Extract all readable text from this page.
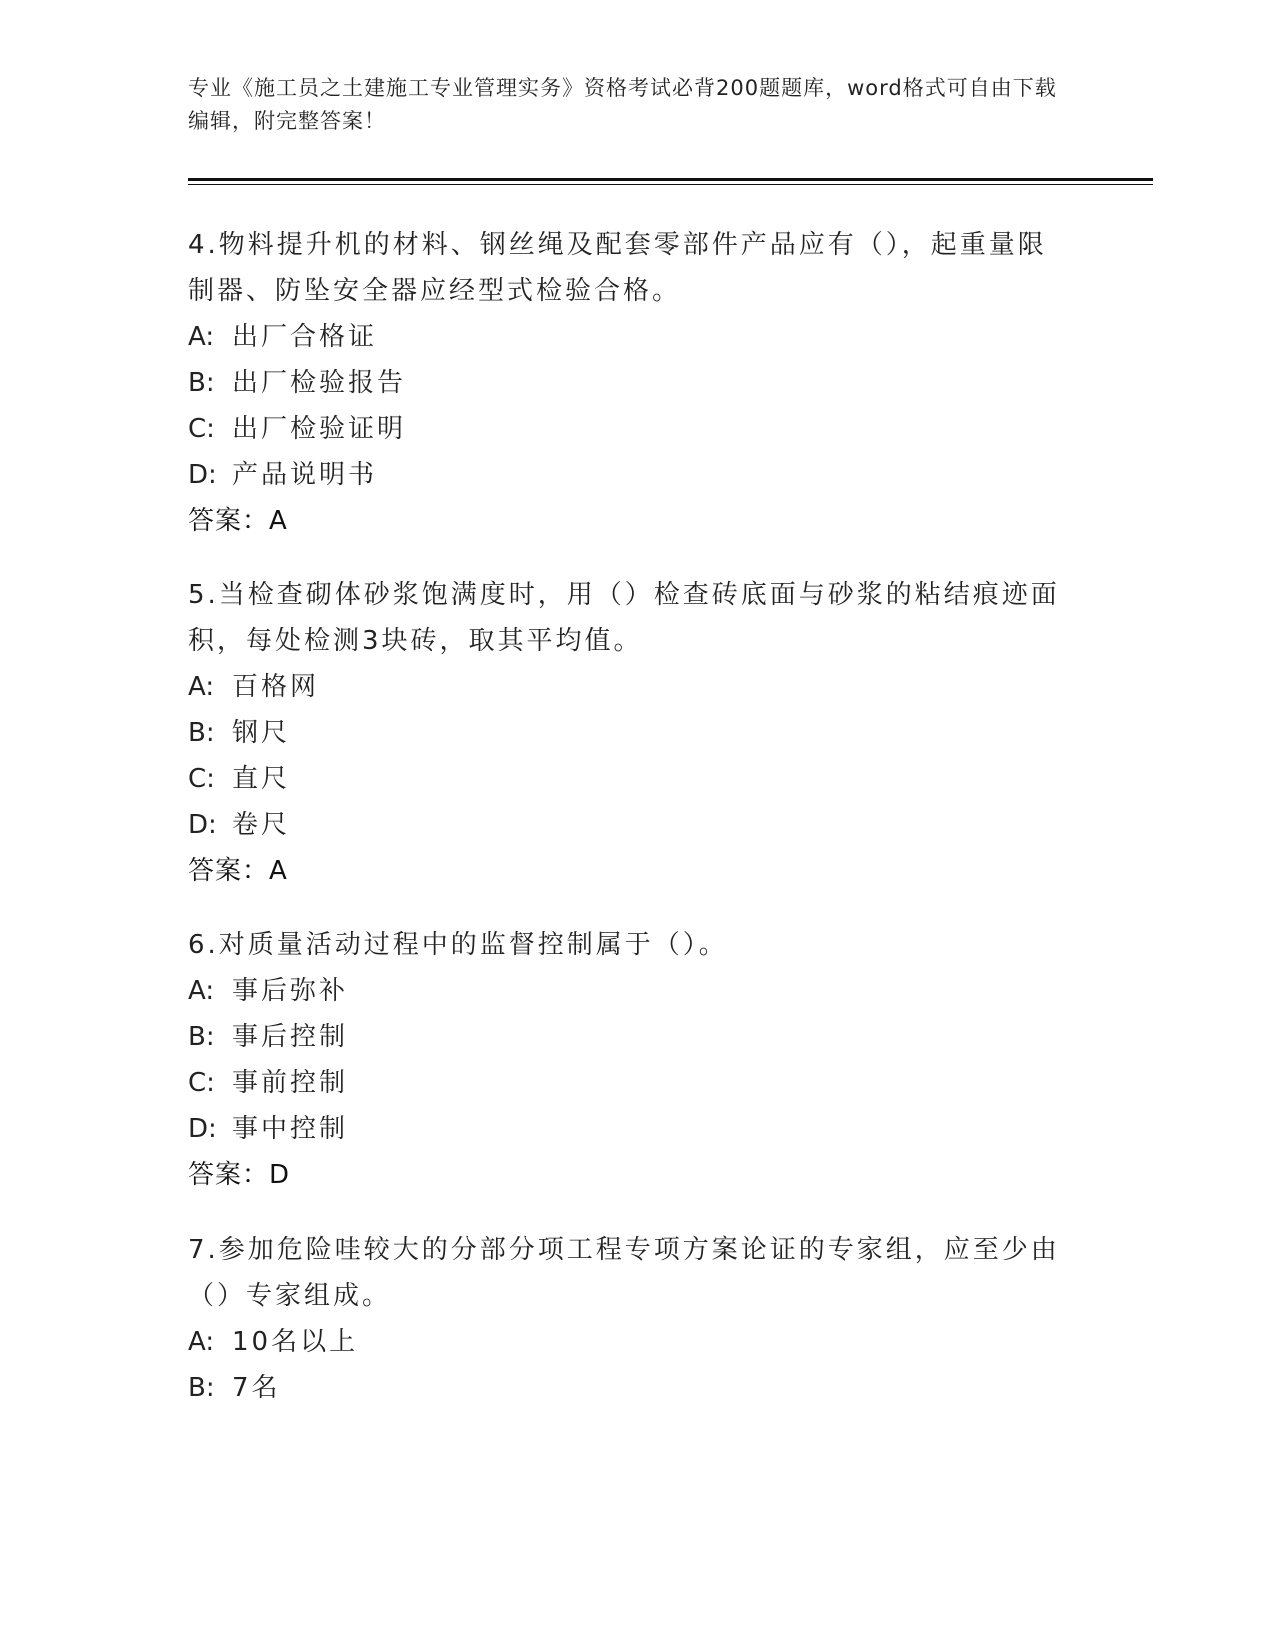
专业《施工员之土建施工专业管理实务》资格考试必背200题题库，word格式可自由下载编辑，附完整答案！

4.物料提升机的材料、钢丝绳及配套零部件产品应有（），起重量限制器、防坠安全器应经型式检验合格。

A: 出厂合格证
B: 出厂检验报告
C: 出厂检验证明
D: 产品说明书
答案：A

5.当检查砌体砂浆饱满度时，用（）检查砖底面与砂浆的粘结痕迹面积，每处检测3块砖，取其平均值。

A: 百格网
B: 钢尺
C: 直尺
D: 卷尺
答案：A

6.对质量活动过程中的监督控制属于（）。

A: 事后弥补
B: 事后控制
C: 事前控制
D: 事中控制
答案：D

7.参加危险哇较大的分部分项工程专项方案论证的专家组，应至少由（）专家组成。

A: 10名以上
B: 7名
